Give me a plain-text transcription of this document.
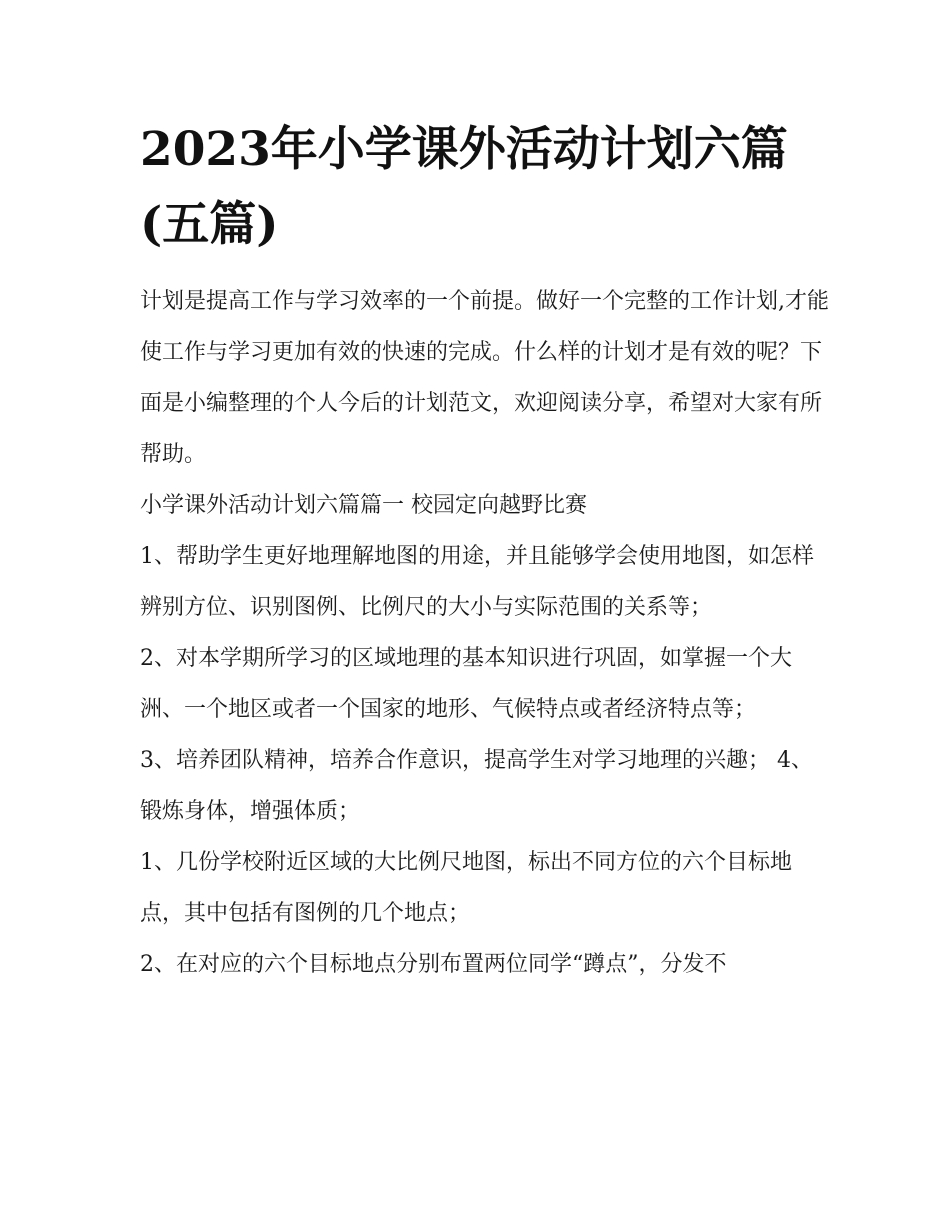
2023年小学课外活动计划六篇(五篇)

计划是提高工作与学习效率的一个前提。做好一个完整的工作计划,才能使工作与学习更加有效的快速的完成。什么样的计划才是有效的呢？下面是小编整理的个人今后的计划范文，欢迎阅读分享，希望对大家有所帮助。

小学课外活动计划六篇篇一 校园定向越野比赛

1、帮助学生更好地理解地图的用途，并且能够学会使用地图，如怎样辨别方位、识别图例、比例尺的大小与实际范围的关系等；

2、对本学期所学习的区域地理的基本知识进行巩固，如掌握一个大洲、一个地区或者一个国家的地形、气候特点或者经济特点等；

3、培养团队精神，培养合作意识，提高学生对学习地理的兴趣； 4、锻炼身体，增强体质；

1、几份学校附近区域的大比例尺地图，标出不同方位的六个目标地点，其中包括有图例的几个地点；

2、在对应的六个目标地点分别布置两位同学“蹲点”，分发不
